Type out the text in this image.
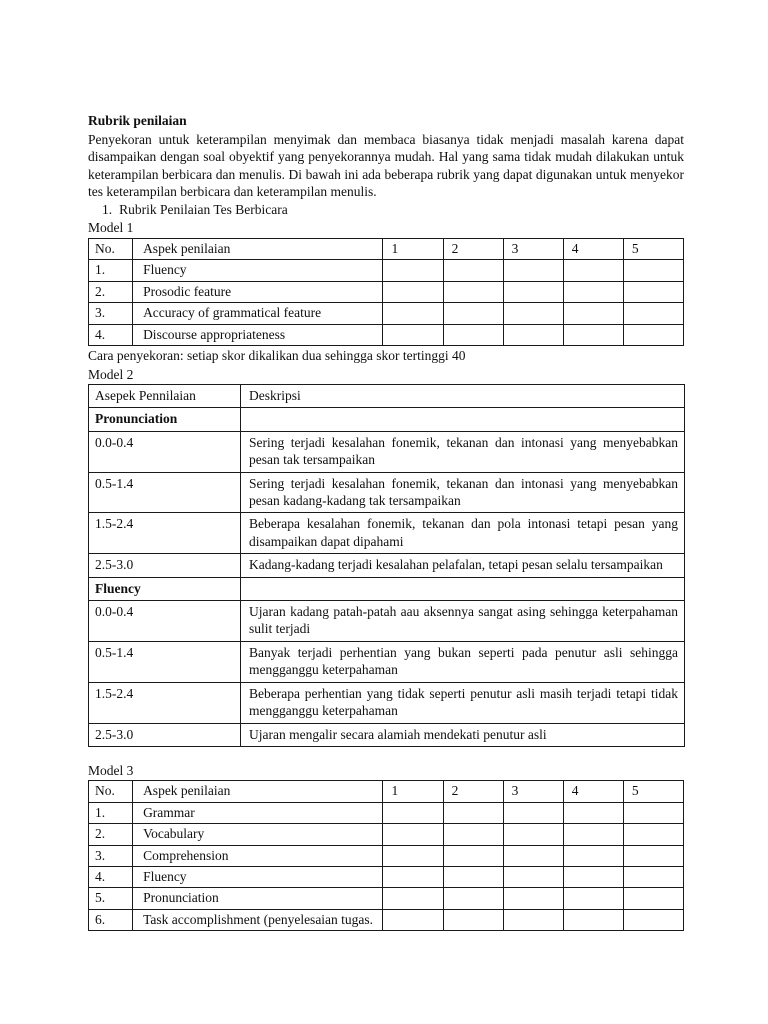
Rubrik penilaian

Penyekoran untuk keterampilan menyimak dan membaca biasanya tidak menjadi masalah karena dapat disampaikan dengan soal obyektif yang penyekorannya mudah. Hal yang sama tidak mudah dilakukan untuk keterampilan berbicara dan menulis. Di bawah ini ada beberapa rubrik yang dapat digunakan untuk menyekor tes keterampilan berbicara dan keterampilan menulis.

1. Rubrik Penilaian Tes Berbicara

Model 1
No.	Aspek penilaian	1	2	3	4	5
1.	Fluency					
2.	Prosodic feature					
3.	Accuracy of grammatical feature					
4.	Discourse appropriateness					
Cara penyekoran: setiap skor dikalikan dua sehingga skor tertinggi 40
Model 2
Asepek Pennilaian	Deskripsi
Pronunciation	
0.0-0.4	Sering terjadi kesalahan fonemik, tekanan dan intonasi yang menyebabkan pesan tak tersampaikan
0.5-1.4	Sering terjadi kesalahan fonemik, tekanan dan intonasi yang menyebabkan pesan kadang-kadang tak tersampaikan
1.5-2.4	Beberapa kesalahan fonemik, tekanan dan pola intonasi tetapi pesan yang disampaikan dapat dipahami
2.5-3.0	Kadang-kadang terjadi kesalahan pelafalan, tetapi pesan selalu tersampaikan
Fluency	
0.0-0.4	Ujaran kadang patah-patah aau aksennya sangat asing sehingga keterpahaman sulit terjadi
0.5-1.4	Banyak terjadi perhentian yang bukan seperti pada penutur asli sehingga mengganggu keterpahaman
1.5-2.4	Beberapa perhentian yang tidak seperti penutur asli masih terjadi tetapi tidak mengganggu keterpahaman
2.5-3.0	Ujaran mengalir secara alamiah mendekati penutur asli
Model 3
No.	Aspek penilaian	1	2	3	4	5
1.	Grammar					
2.	Vocabulary					
3.	Comprehension					
4.	Fluency					
5.	Pronunciation					
6.	Task accomplishment (penyelesaian tugas.					
